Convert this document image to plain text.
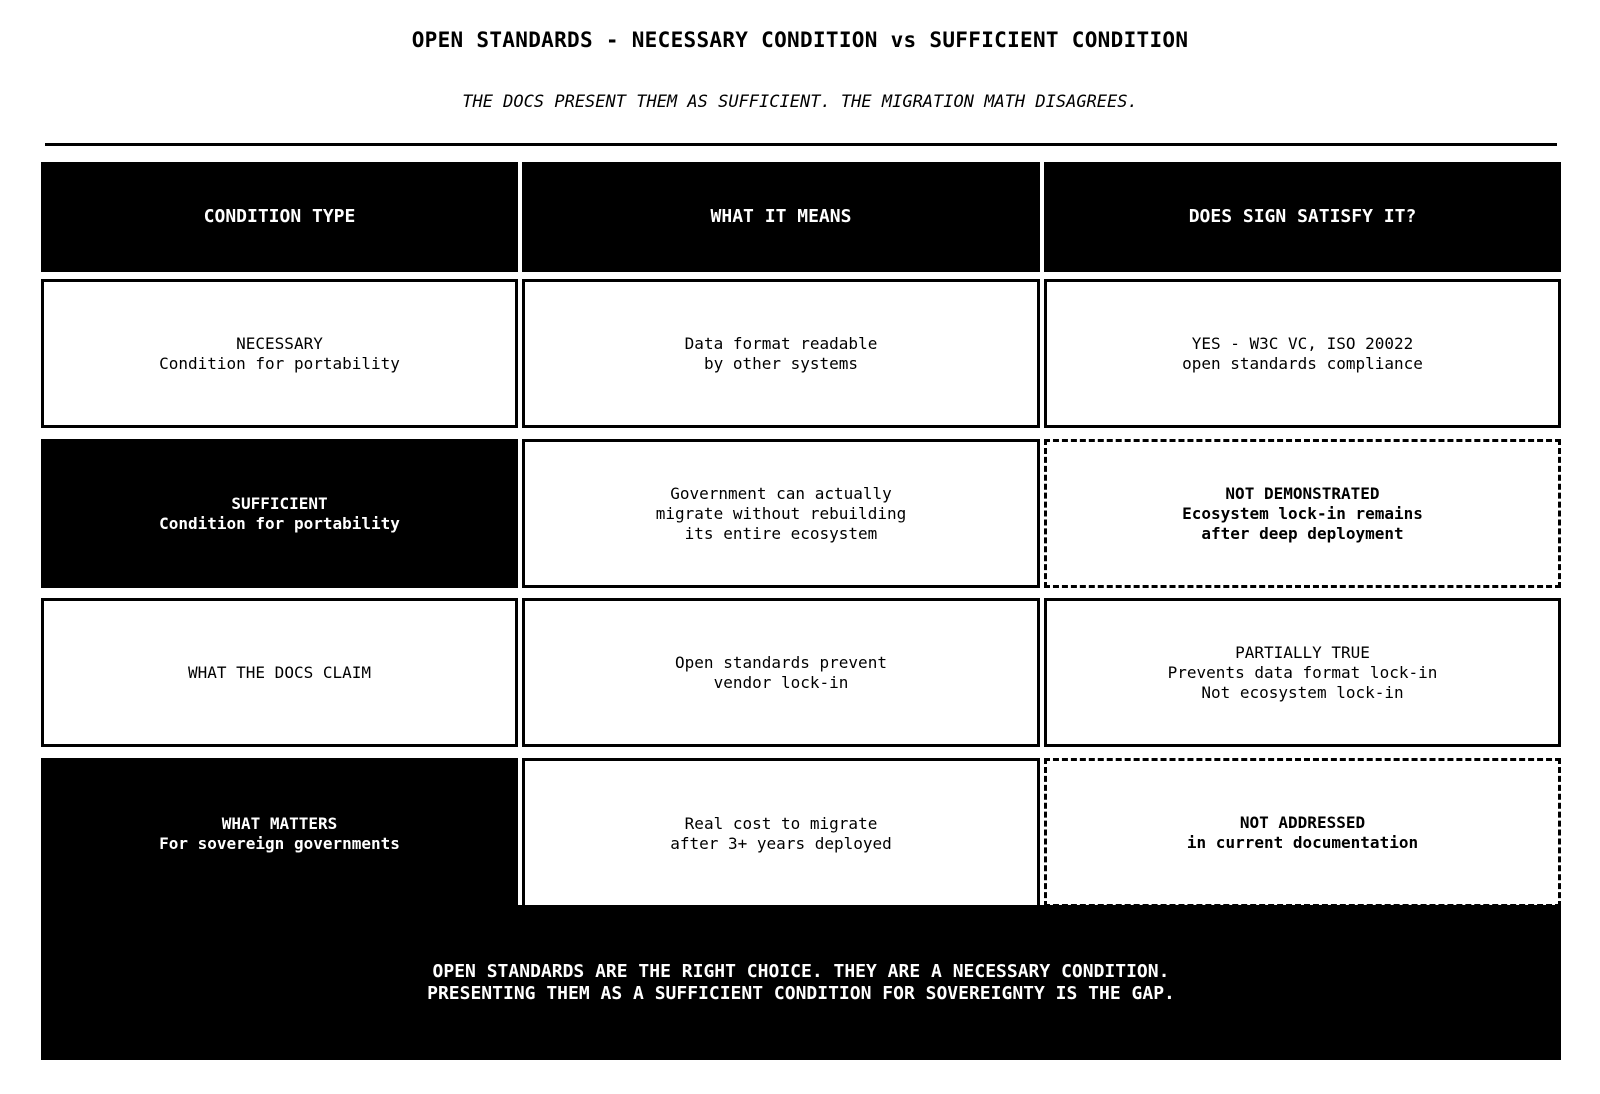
OPEN STANDARDS - NECESSARY CONDITION vs SUFFICIENT CONDITION
THE DOCS PRESENT THEM AS SUFFICIENT. THE MIGRATION MATH DISAGREES.
CONDITION TYPE	WHAT IT MEANS	DOES SIGN SATISFY IT?
NECESSARY
Condition for portability
Data format readable
by other systems
YES - W3C VC, ISO 20022
open standards compliance
SUFFICIENT
Condition for portability
Government can actually
migrate without rebuilding
its entire ecosystem
NOT DEMONSTRATED
Ecosystem lock-in remains
after deep deployment
WHAT THE DOCS CLAIM
Open standards prevent
vendor lock-in
PARTIALLY TRUE
Prevents data format lock-in
Not ecosystem lock-in
WHAT MATTERS
For sovereign governments
Real cost to migrate
after 3+ years deployed
NOT ADDRESSED
in current documentation
OPEN STANDARDS ARE THE RIGHT CHOICE. THEY ARE A NECESSARY CONDITION.
PRESENTING THEM AS A SUFFICIENT CONDITION FOR SOVEREIGNTY IS THE GAP.
